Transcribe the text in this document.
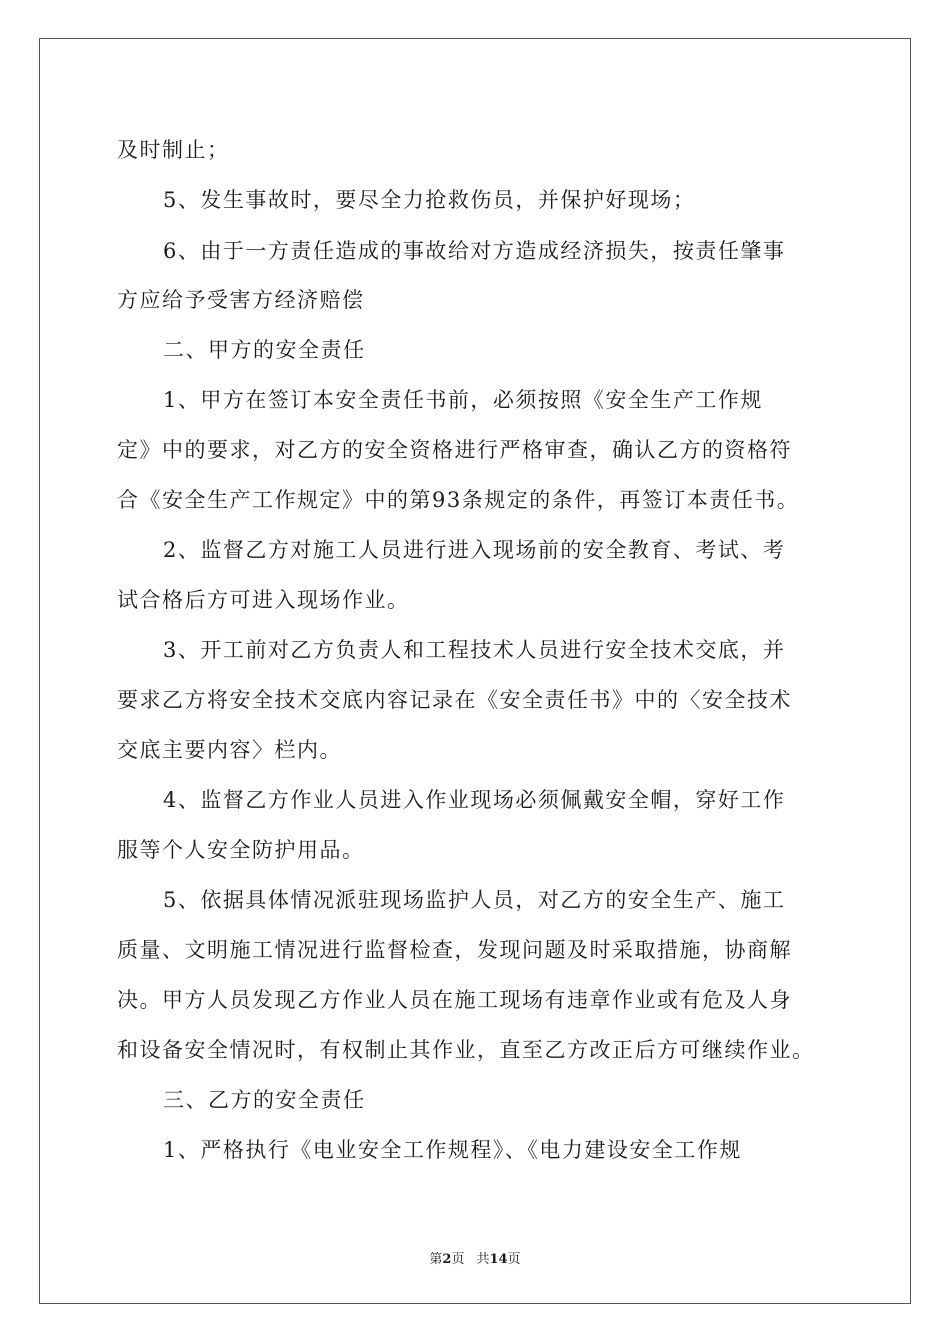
及时制止；
5、发生事故时，要尽全力抢救伤员，并保护好现场；
6、由于一方责任造成的事故给对方造成经济损失，按责任肇事
方应给予受害方经济赔偿
二、甲方的安全责任
1、甲方在签订本安全责任书前，必须按照《安全生产工作规
定》中的要求，对乙方的安全资格进行严格审查，确认乙方的资格符
合《安全生产工作规定》中的第93条规定的条件，再签订本责任书。
2、监督乙方对施工人员进行进入现场前的安全教育、考试、考
试合格后方可进入现场作业。
3、开工前对乙方负责人和工程技术人员进行安全技术交底，并
要求乙方将安全技术交底内容记录在《安全责任书》中的〈安全技术
交底主要内容〉栏内。
4、监督乙方作业人员进入作业现场必须佩戴安全帽，穿好工作
服等个人安全防护用品。
5、依据具体情况派驻现场监护人员，对乙方的安全生产、施工
质量、文明施工情况进行监督检查，发现问题及时采取措施，协商解
决。甲方人员发现乙方作业人员在施工现场有违章作业或有危及人身
和设备安全情况时，有权制止其作业，直至乙方改正后方可继续作业。
三、乙方的安全责任
1、严格执行《电业安全工作规程》、《电力建设安全工作规
第2页 共14页
